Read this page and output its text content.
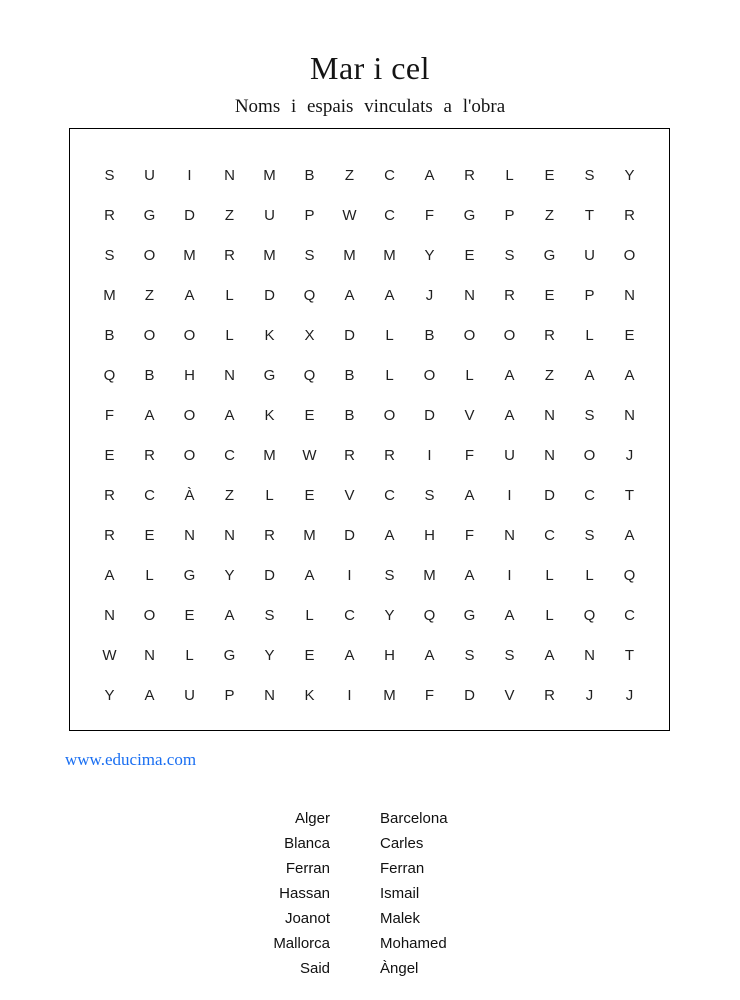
Mar i cel
Noms i espais vinculats a l'obra
S	U	I	N	M	B	Z	C	A	R	L	E	S	Y
R	G	D	Z	U	P	W	C	F	G	P	Z	T	R
S	O	M	R	M	S	M	M	Y	E	S	G	U	O
M	Z	A	L	D	Q	A	A	J	N	R	E	P	N
B	O	O	L	K	X	D	L	B	O	O	R	L	E
Q	B	H	N	G	Q	B	L	O	L	A	Z	A	A
F	A	O	A	K	E	B	O	D	V	A	N	S	N
E	R	O	C	M	W	R	R	I	F	U	N	O	J
R	C	À	Z	L	E	V	C	S	A	I	D	C	T
R	E	N	N	R	M	D	A	H	F	N	C	S	A
A	L	G	Y	D	A	I	S	M	A	I	L	L	Q
N	O	E	A	S	L	C	Y	Q	G	A	L	Q	C
W	N	L	G	Y	E	A	H	A	S	S	A	N	T
Y	A	U	P	N	K	I	M	F	D	V	R	J	J
www.educima.com
Alger
Blanca
Ferran
Hassan
Joanot
Mallorca
Said
Barcelona
Carles
Ferran
Ismail
Malek
Mohamed
Àngel
